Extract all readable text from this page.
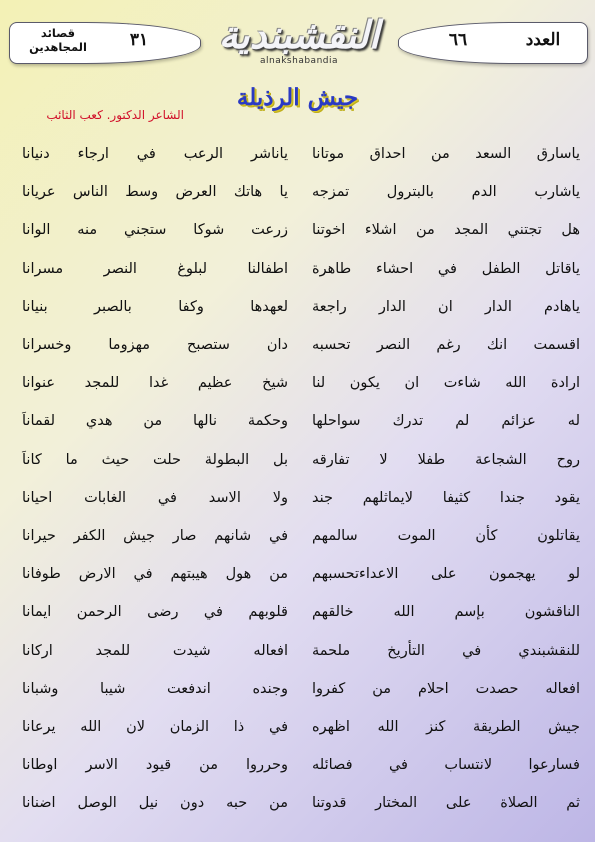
العدد
٦٦
قصائد
المجاهدين	٣١	النقشبندية
alnakshabandia
جيش الرذيلة
الشاعر الدكتور. كعب الثائب
ياسارق السعد من احداق موتانا
ياناشر الرعب في ارجاء دنيانا
ياشارب الدم بالبترول تمزجه
يا هاتك العرض وسط الناس عريانا
هل تجتني المجد من اشلاء اخوتنا
زرعت شوكا ستجني منه الوانا
ياقاتل الطفل في احشاء طاهرة
اطفالنا لبلوغ النصر مسرانا
ياهادم الدار ان الدار راجعة
لعهدها وكفا بالصبر بنيانا
اقسمت انك رغم النصر تحسبه
دان ستصبح مهزوما وخسرانا
ارادة الله شاءت ان يكون لنا
شيخ عظيم غدا للمجد عنوانا
له عزائم لم تدرك سواحلها
وحكمة نالها من هدي لقماناَ
روح الشجاعة طفلا لا تفارقه
بل البطولة حلت حيث ما كاناَ
يقود جندا كثيفا لايماثلهم جند
ولا الاسد في الغابات احيانا
يقاتلون كأن الموت سالمهم
في شانهم صار جيش الكفر حيرانا
لو يهجمون على الاعداءتحسبهم
من هول هيبتهم في الارض طوفانا
الناقشون بإسم الله خالقهم
قلوبهم في رضى الرحمن ايمانا
للنقشبندي في التأريخ ملحمة
افعاله شيدت للمجد اركانا
افعاله حصدت احلام من كفروا
وجنده اندفعت شيبا وشبانا
جيش الطريقة كنز الله اظهره
في ذا الزمان لان الله يرعانا
فسارعوا لانتساب في فصائله
وحرروا من قيود الاسر اوطانا
ثم الصلاة على المختار قدوتنا
من حبه دون نيل الوصل اضنانا
